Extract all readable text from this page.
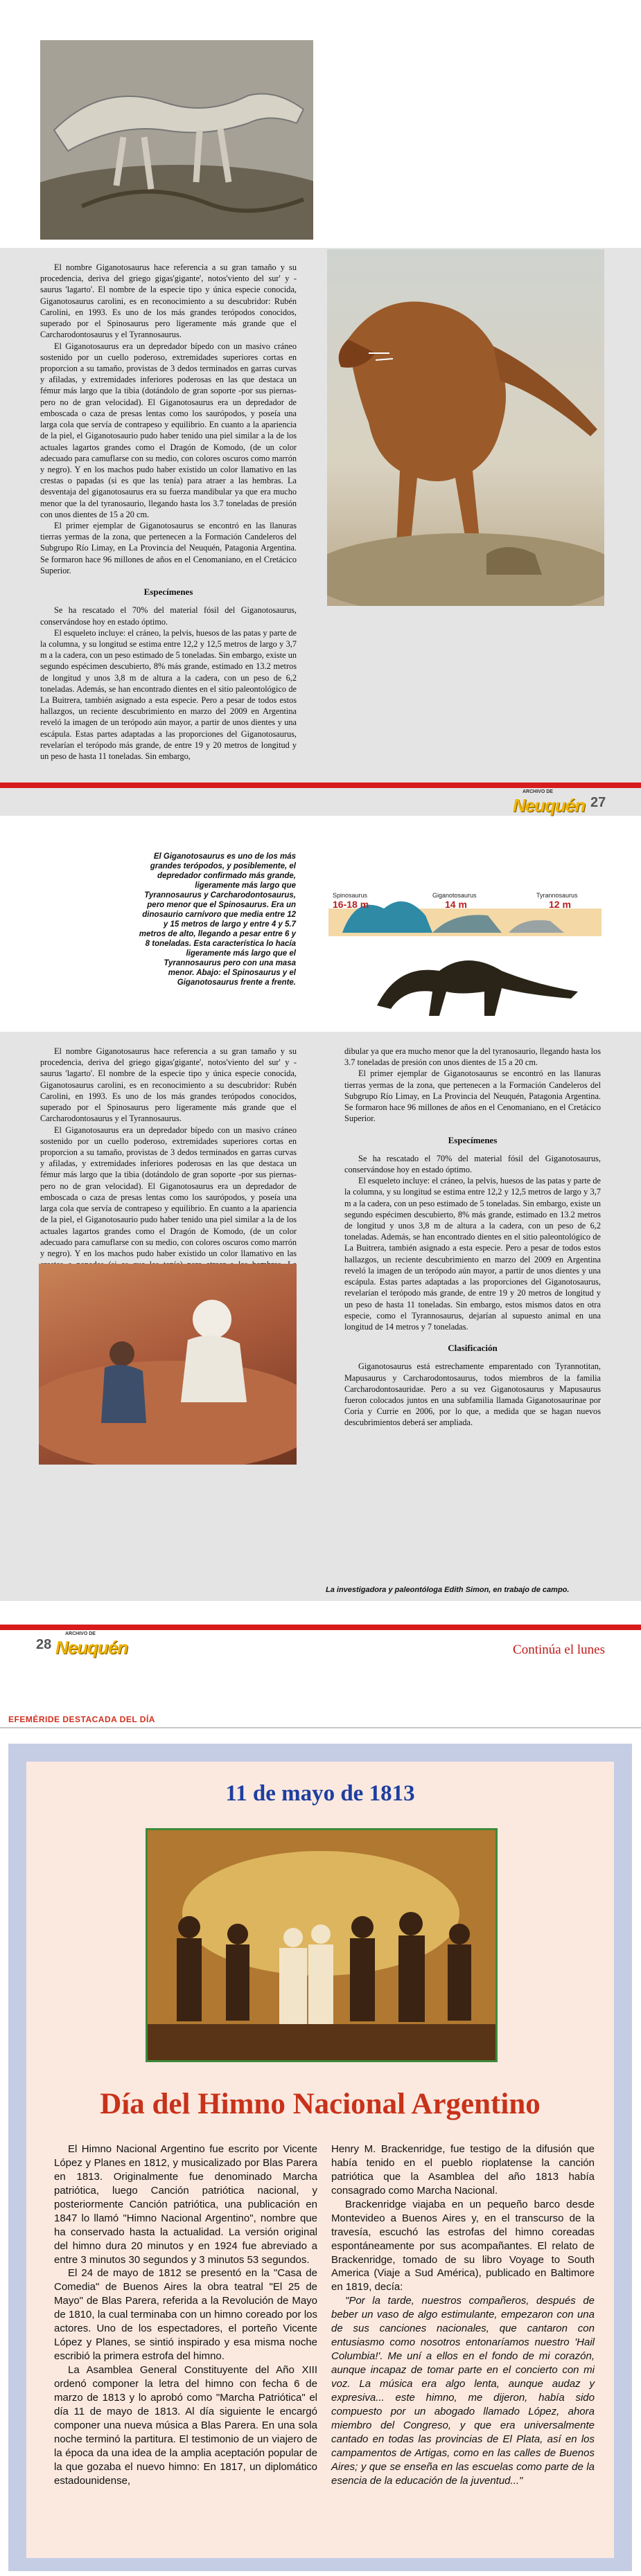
El nombre Giganotosaurus hace referencia a su gran tamaño y su procedencia, deriva del griego gigas'gigante', notos'viento del sur' y -saurus 'lagarto'. El nombre de la especie tipo y única especie conocida, Giganotosaurus carolini, es en reconocimiento a su descubridor: Rubén Carolini, en 1993. Es uno de los más grandes terópodos conocidos, superado por el Spinosaurus pero ligeramente más grande que el Carcharodontosaurus y el Tyrannosaurus.

El Giganotosaurus era un depredador bípedo con un masivo cráneo sostenido por un cuello poderoso, extremidades superiores cortas en proporcion a su tamaño, provistas de 3 dedos terminados en garras curvas y afiladas, y extremidades inferiores poderosas en las que destaca un fémur más largo que la tibia (dotándolo de gran soporte -por sus piernas- pero no de gran velocidad). El Giganotosaurus era un depredador de emboscada o caza de presas lentas como los saurópodos, y poseía una larga cola que servía de contrapeso y equilibrio. En cuanto a la apariencia de la piel, el Giganotosaurio pudo haber tenido una piel similar a la de los actuales lagartos grandes como el Dragón de Komodo, (de un color adecuado para camuflarse con su medio, con colores oscuros como marrón y negro). Y en los machos pudo haber existido un color llamativo en las crestas o papadas (si es que las tenía) para atraer a las hembras. La desventaja del giganotosaurus era su fuerza mandibular ya que era mucho menor que la del tyranosaurio, llegando hasta los 3.7 toneladas de presión con unos dientes de 15 a 20 cm.

El primer ejemplar de Giganotosaurus se encontró en las llanuras tierras yermas de la zona, que pertenecen a la Formación Candeleros del Subgrupo Río Limay, en La Provincia del Neuquén, Patagonia Argentina. Se formaron hace 96 millones de años en el Cenomaniano, en el Cretácico Superior.

Especímenes

Se ha rescatado el 70% del material fósil del Giganotosaurus, conservándose hoy en estado óptimo.

El esqueleto incluye: el cráneo, la pelvis, huesos de las patas y parte de la columna, y su longitud se estima entre 12,2 y 12,5 metros de largo y 3,7 m a la cadera, con un peso estimado de 5 toneladas. Sin embargo, existe un segundo espécimen descubierto, 8% más grande, estimado en 13.2 metros de longitud y unos 3,8 m de altura a la cadera, con un peso de 6,2 toneladas. Además, se han encontrado dientes en el sitio paleontológico de La Buitrera, también asignado a esta especie. Pero a pesar de todos estos hallazgos, un reciente descubrimiento en marzo del 2009 en Argentina reveló la imagen de un terópodo aún mayor, a partir de unos dientes y una escápula. Estas partes adaptadas a las proporciones del Giganotosaurus, revelarían el terópodo más grande, de entre 19 y 20 metros de longitud y un peso de hasta 11 toneladas. Sin embargo,

ARCHIVO DE
Neuquén 27
El Giganotosaurus es uno de los más grandes terópodos, y posiblemente, el depredador confirmado más grande, ligeramente más largo que Tyrannosaurus y Carcharodontosaurus, pero menor que el Spinosaurus. Era un dinosaurio carnívoro que media entre 12 y 15 metros de largo y entre 4 y 5.7 metros de alto, llegando a pesar entre 6 y 8 toneladas. Esta característica lo hacía ligeramente más largo que el Tyrannosaurus pero con una masa menor. Abajo: el Spinosaurus y el Giganotosaurus frente a frente.
Spinosaurus
16-18 m
Giganotosaurus
14 m
Tyrannosaurus
12 m

El nombre Giganotosaurus hace referencia a su gran tamaño y su procedencia, deriva del griego gigas'gigante', notos'viento del sur' y -saurus 'lagarto'. El nombre de la especie tipo y única especie conocida, Giganotosaurus carolini, es en reconocimiento a su descubridor: Rubén Carolini, en 1993. Es uno de los más grandes terópodos conocidos, superado por el Spinosaurus pero ligeramente más grande que el Carcharodontosaurus y el Tyrannosaurus.

El Giganotosaurus era un depredador bípedo con un masivo cráneo sostenido por un cuello poderoso, extremidades superiores cortas en proporcion a su tamaño, provistas de 3 dedos terminados en garras curvas y afiladas, y extremidades inferiores poderosas en las que destaca un fémur más largo que la tibia (dotándolo de gran soporte -por sus piernas- pero no de gran velocidad). El Giganotosaurus era un depredador de emboscada o caza de presas lentas como los saurópodos, y poseía una larga cola que servía de contrapeso y equilibrio. En cuanto a la apariencia de la piel, el Giganotosaurio pudo haber tenido una piel similar a la de los actuales lagartos grandes como el Dragón de Komodo, (de un color adecuado para camuflarse con su medio, con colores oscuros como marrón y negro). Y en los machos pudo haber existido un color llamativo en las

dibular ya que era mucho menor que la del tyranosaurio, llegando hasta los 3.7 toneladas de presión con unos dientes de 15 a 20 cm.

El primer ejemplar de Giganotosaurus se encontró en las llanuras tierras yermas de la zona, que pertenecen a la Formación Candeleros del Subgrupo Río Limay, en La Provincia del Neuquén, Patagonia Argentina. Se formaron hace 96 millones de años en el Cenomaniano, en el Cretácico Superior.

Especímenes

Se ha rescatado el 70% del material fósil del Giganotosaurus, conservándose hoy en estado óptimo.

El esqueleto incluye: el cráneo, la pelvis, huesos de las patas y parte de la columna, y su longitud se estima entre 12,2 y 12,5 metros de largo y 3,7 m a la cadera, con un peso estimado de 5 toneladas. Sin embargo, existe un segundo espécimen descubierto, 8% más grande, estimado en 13.2 metros de longitud y unos 3,8 m de altura a la cadera, con un peso de 6,2 toneladas. Además, se han encontrado dientes en el sitio paleontológico de La Buitrera, también asignado a esta especie. Pero a pesar de todos estos hallazgos, un reciente descubrimiento en marzo del 2009 en Argentina reveló la imagen de un terópodo aún mayor, a partir de unos dientes y una escápula. Estas partes adaptadas a las proporciones del Giganotosaurus, revelarían el terópodo más grande, de entre 19 y 20 metros de longitud y un peso de hasta 11 toneladas. Sin embargo, estos mismos datos en otra especie, como el Tyrannosaurus, dejarían al supuesto animal en una longitud de 14 metros y 7 toneladas.

Clasificación

Giganotosaurus está estrechamente emparentado con Tyrannotitan, Mapusaurus y Carcharodontosaurus, todos miembros de la familia Carcharodontosauridae. Pero a su vez Giganotosaurus y Mapusaurus fueron colocados juntos en una subfamilia llamada Giganotosaurinae por Coria y Currie en 2006, por lo que, a medida que se hagan nuevos descubrimientos deberá ser ampliada.

La investigadora y paleontóloga Edith Simon, en trabajo de campo.
28
ARCHIVO DE
Neuquén	Continúa el lunes
EFEMÉRIDE DESTACADA DEL DÍA
11 de mayo de 1813
Día del Himno Nacional Argentino

El Himno Nacional Argentino fue escrito por Vicente López y Planes en 1812, y musicalizado por Blas Parera en 1813. Originalmente fue denominado Marcha patriótica, luego Canción patriótica nacional, y posteriormente Canción patriótica, una publicación en 1847 lo llamó "Himno Nacional Argentino", nombre que ha conservado hasta la actualidad. La versión original del himno dura 20 minutos y en 1924 fue abreviado a entre 3 minutos 30 segundos y 3 minutos 53 segundos.

El 24 de mayo de 1812 se presentó en la "Casa de Comedia" de Buenos Aires la obra teatral "El 25 de Mayo" de Blas Parera, referida a la Revolución de Mayo de 1810, la cual terminaba con un himno coreado por los actores. Uno de los espectadores, el porteño Vicente López y Planes, se sintió inspirado y esa misma noche escribió la primera estrofa del himno.

La Asamblea General Constituyente del Año XIII ordenó componer la letra del himno con fecha 6 de marzo de 1813 y lo aprobó como "Marcha Patriótica" el día 11 de mayo de 1813. Al día siguiente le encargó componer una nueva música a Blas Parera. En una sola noche terminó la partitura. El testimonio de un viajero de la época da una idea de la amplia aceptación popular de la que gozaba el nuevo himno: En 1817, un diplomático estadounidense,

Henry M. Brackenridge, fue testigo de la difusión que había tenido en el pueblo rioplatense la canción patriótica que la Asamblea del año 1813 había consagrado como Marcha Nacional.

Brackenridge viajaba en un pequeño barco desde Montevideo a Buenos Aires y, en el transcurso de la travesía, escuchó las estrofas del himno coreadas espontáneamente por sus acompañantes. El relato de Brackenridge, tomado de su libro Voyage to South America (Viaje a Sud América), publicado en Baltimore en 1819, decía:

"Por la tarde, nuestros compañeros, después de beber un vaso de algo estimulante, empezaron con una de sus canciones nacionales, que cantaron con entusiasmo como nosotros entonaríamos nuestro 'Hail Columbia!'. Me uní a ellos en el fondo de mi corazón, aunque incapaz de tomar parte en el concierto con mi voz. La música era algo lenta, aunque audaz y expresiva... este himno, me dijeron, había sido compuesto por un abogado llamado López, ahora miembro del Congreso, y que era universalmente cantado en todas las provincias de El Plata, así en los campamentos de Artigas, como en las calles de Buenos Aires; y que se enseña en las escuelas como parte de la esencia de la educación de la juventud..."
